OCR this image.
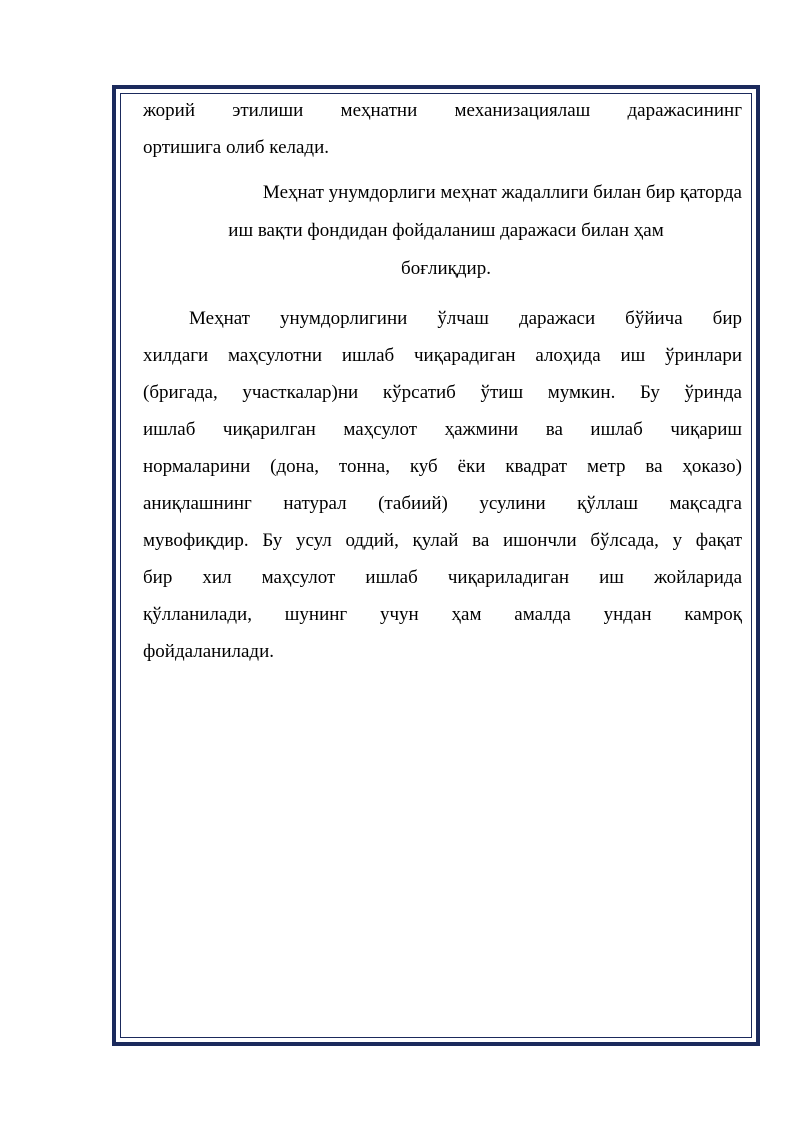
жорий этилиши меҳнатни механизациялаш даражасининг
ортишига олиб келади.
Меҳнат унумдорлиги меҳнат жадаллиги билан бир қаторда
иш вақти фондидан фойдаланиш даражаси билан ҳам
боғлиқдир.
Меҳнат унумдорлигини ўлчаш даражаси бўйича бир
хилдаги маҳсулотни ишлаб чиқарадиган алоҳида иш ўринлари
(бригада, участкалар)ни кўрсатиб ўтиш мумкин. Бу ўринда
ишлаб чиқарилган маҳсулот ҳажмини ва ишлаб чиқариш
нормаларини (дона, тонна, куб ёки квадрат метр ва ҳоказо)
аниқлашнинг натурал (табиий) усулини қўллаш мақсадга
мувофиқдир. Бу усул оддий, қулай ва ишончли бўлсада, у фақат
бир хил маҳсулот ишлаб чиқариладиган иш жойларида
қўлланилади, шунинг учун ҳам амалда ундан камроқ
фойдаланилади.
